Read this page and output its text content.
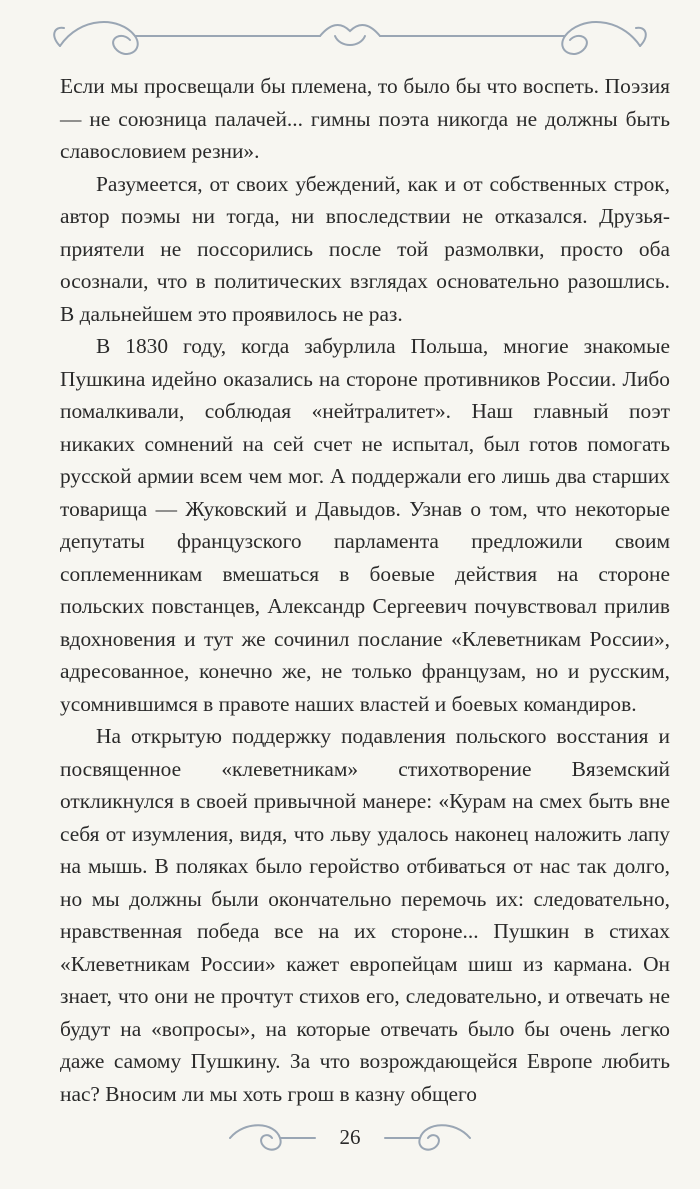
Если мы просвещали бы племена, то было бы что воспеть. Поэзия — не союзница палачей... гимны поэта никогда не должны быть славословием резни».

Разумеется, от своих убеждений, как и от собственных строк, автор поэмы ни тогда, ни впоследствии не отказался. Друзья-приятели не поссорились после той размолвки, просто оба осознали, что в политических взглядах основательно разошлись. В дальнейшем это проявилось не раз.

В 1830 году, когда забурлила Польша, многие знакомые Пушкина идейно оказались на стороне противников России. Либо помалкивали, соблюдая «нейтралитет». Наш главный поэт никаких сомнений на сей счет не испытал, был готов помогать русской армии всем чем мог. А поддержали его лишь два старших товарища — Жуковский и Давыдов. Узнав о том, что некоторые депутаты французского парламента предложили своим соплеменникам вмешаться в боевые действия на стороне польских повстанцев, Александр Сергеевич почувствовал прилив вдохновения и тут же сочинил послание «Клеветникам России», адресованное, конечно же, не только французам, но и русским, усомнившимся в правоте наших властей и боевых командиров.

На открытую поддержку подавления польского восстания и посвященное «клеветникам» стихотворение Вяземский откликнулся в своей привычной манере: «Курам на смех быть вне себя от изумления, видя, что льву удалось наконец наложить лапу на мышь. В поляках было геройство отбиваться от нас так долго, но мы должны были окончательно перемочь их: следовательно, нравственная победа все на их стороне... Пушкин в стихах «Клеветникам России» кажет европейцам шиш из кармана. Он знает, что они не прочтут стихов его, следовательно, и отвечать не будут на «вопросы», на которые отвечать было бы очень легко даже самому Пушкину. За что возрождающейся Европе любить нас? Вносим ли мы хоть грош в казну общего

26
